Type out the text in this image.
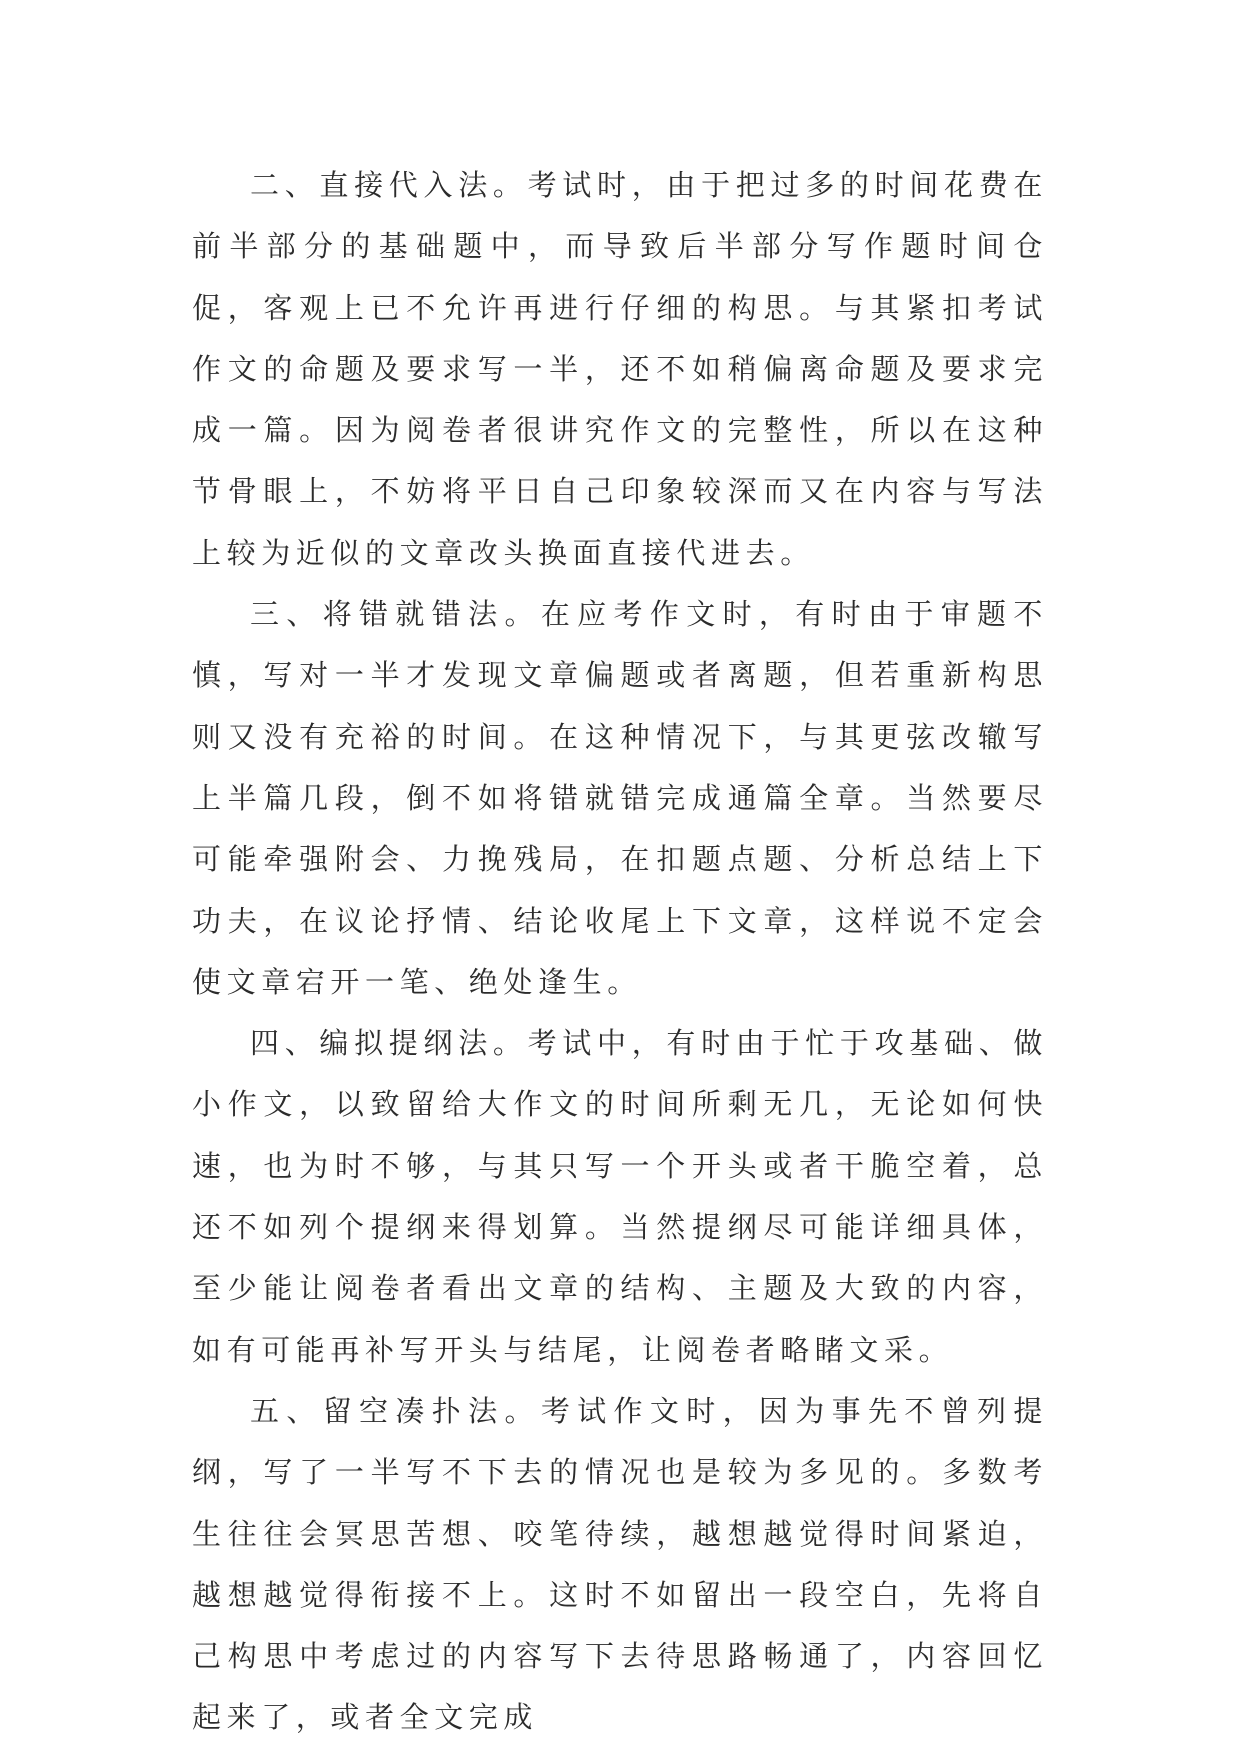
二、直接代入法。考试时，由于把过多的时间花费在前半部分的基础题中，而导致后半部分写作题时间仓促，客观上已不允许再进行仔细的构思。与其紧扣考试作文的命题及要求写一半，还不如稍偏离命题及要求完成一篇。因为阅卷者很讲究作文的完整性，所以在这种节骨眼上，不妨将平日自己印象较深而又在内容与写法上较为近似的文章改头换面直接代进去。

三、将错就错法。在应考作文时，有时由于审题不慎，写对一半才发现文章偏题或者离题，但若重新构思则又没有充裕的时间。在这种情况下，与其更弦改辙写上半篇几段，倒不如将错就错完成通篇全章。当然要尽可能牵强附会、力挽残局，在扣题点题、分析总结上下功夫，在议论抒情、结论收尾上下文章，这样说不定会使文章宕开一笔、绝处逢生。

四、编拟提纲法。考试中，有时由于忙于攻基础、做小作文，以致留给大作文的时间所剩无几，无论如何快速，也为时不够，与其只写一个开头或者干脆空着，总还不如列个提纲来得划算。当然提纲尽可能详细具体，至少能让阅卷者看出文章的结构、主题及大致的内容，如有可能再补写开头与结尾，让阅卷者略睹文采。

五、留空凑扑法。考试作文时，因为事先不曾列提纲，写了一半写不下去的情况也是较为多见的。多数考生往往会冥思苦想、咬笔待续，越想越觉得时间紧迫，越想越觉得衔接不上。这时不如留出一段空白，先将自己构思中考虑过的内容写下去待思路畅通了，内容回忆起来了，或者全文完成
